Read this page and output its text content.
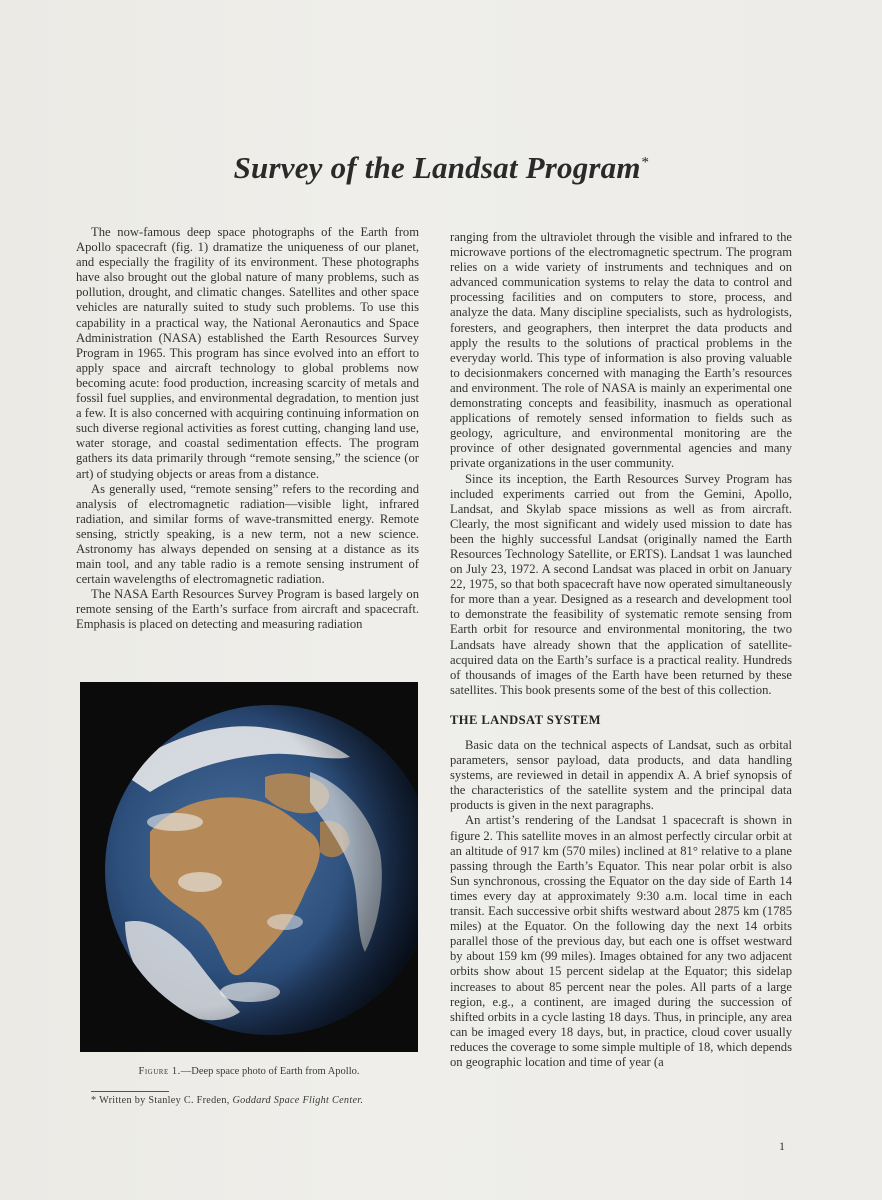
Survey of the Landsat Program*

The now-famous deep space photographs of the Earth from Apollo spacecraft (fig. 1) dramatize the uniqueness of our planet, and especially the fragility of its environment. These photographs have also brought out the global nature of many problems, such as pollution, drought, and climatic changes. Satellites and other space vehicles are naturally suited to study such problems. To use this capability in a practical way, the National Aeronautics and Space Administration (NASA) established the Earth Resources Survey Program in 1965. This program has since evolved into an effort to apply space and aircraft technology to global problems now becoming acute: food production, increasing scarcity of metals and fossil fuel supplies, and environmental degradation, to mention just a few. It is also concerned with acquiring continuing information on such diverse regional activities as forest cutting, changing land use, water storage, and coastal sedimentation effects. The program gathers its data primarily through “remote sensing,” the science (or art) of studying objects or areas from a distance.

As generally used, “remote sensing” refers to the recording and analysis of electromagnetic radiation—visible light, infrared radiation, and similar forms of wave-transmitted energy. Remote sensing, strictly speaking, is a new term, not a new science. Astronomy has always depended on sensing at a distance as its main tool, and any table radio is a remote sensing instrument of certain wavelengths of electromagnetic radiation.

The NASA Earth Resources Survey Program is based largely on remote sensing of the Earth’s surface from aircraft and spacecraft. Emphasis is placed on detecting and measuring radiation

ranging from the ultraviolet through the visible and infrared to the microwave portions of the electromagnetic spectrum. The program relies on a wide variety of instruments and techniques and on advanced communication systems to relay the data to control and processing facilities and on computers to store, process, and analyze the data. Many discipline specialists, such as hydrologists, foresters, and geographers, then interpret the data products and apply the results to the solutions of practical problems in the everyday world. This type of information is also proving valuable to decisionmakers concerned with managing the Earth’s resources and environment. The role of NASA is mainly an experimental one demonstrating concepts and feasibility, inasmuch as operational applications of remotely sensed information to fields such as geology, agriculture, and environmental monitoring are the province of other designated governmental agencies and many private organizations in the user community.

Since its inception, the Earth Resources Survey Program has included experiments carried out from the Gemini, Apollo, Landsat, and Skylab space missions as well as from aircraft. Clearly, the most significant and widely used mission to date has been the highly successful Landsat (originally named the Earth Resources Technology Satellite, or ERTS). Landsat 1 was launched on July 23, 1972. A second Landsat was placed in orbit on January 22, 1975, so that both spacecraft have now operated simultaneously for more than a year. Designed as a research and development tool to demonstrate the feasibility of systematic remote sensing from Earth orbit for resource and environmental monitoring, the two Landsats have already shown that the application of satellite-acquired data on the Earth’s surface is a practical reality. Hundreds of thousands of images of the Earth have been returned by these satellites. This book presents some of the best of this collection.

THE LANDSAT SYSTEM

Basic data on the technical aspects of Landsat, such as orbital parameters, sensor payload, data products, and data handling systems, are reviewed in detail in appendix A. A brief synopsis of the characteristics of the satellite system and the principal data products is given in the next paragraphs.

An artist’s rendering of the Landsat 1 spacecraft is shown in figure 2. This satellite moves in an almost perfectly circular orbit at an altitude of 917 km (570 miles) inclined at 81° relative to a plane passing through the Earth’s Equator. This near polar orbit is also Sun synchronous, crossing the Equator on the day side of Earth 14 times every day at approximately 9:30 a.m. local time in each transit. Each successive orbit shifts westward about 2875 km (1785 miles) at the Equator. On the following day the next 14 orbits parallel those of the previous day, but each one is offset westward by about 159 km (99 miles). Images obtained for any two adjacent orbits show about 15 percent sidelap at the Equator; this sidelap increases to about 85 percent near the poles. All parts of a large region, e.g., a continent, are imaged during the succession of shifted orbits in a cycle lasting 18 days. Thus, in principle, any area can be imaged every 18 days, but, in practice, cloud cover usually reduces the coverage to some simple multiple of 18, which depends on geographic location and time of year (a

Figure 1.—Deep space photo of Earth from Apollo.
* Written by Stanley C. Freden, Goddard Space Flight Center.
1
